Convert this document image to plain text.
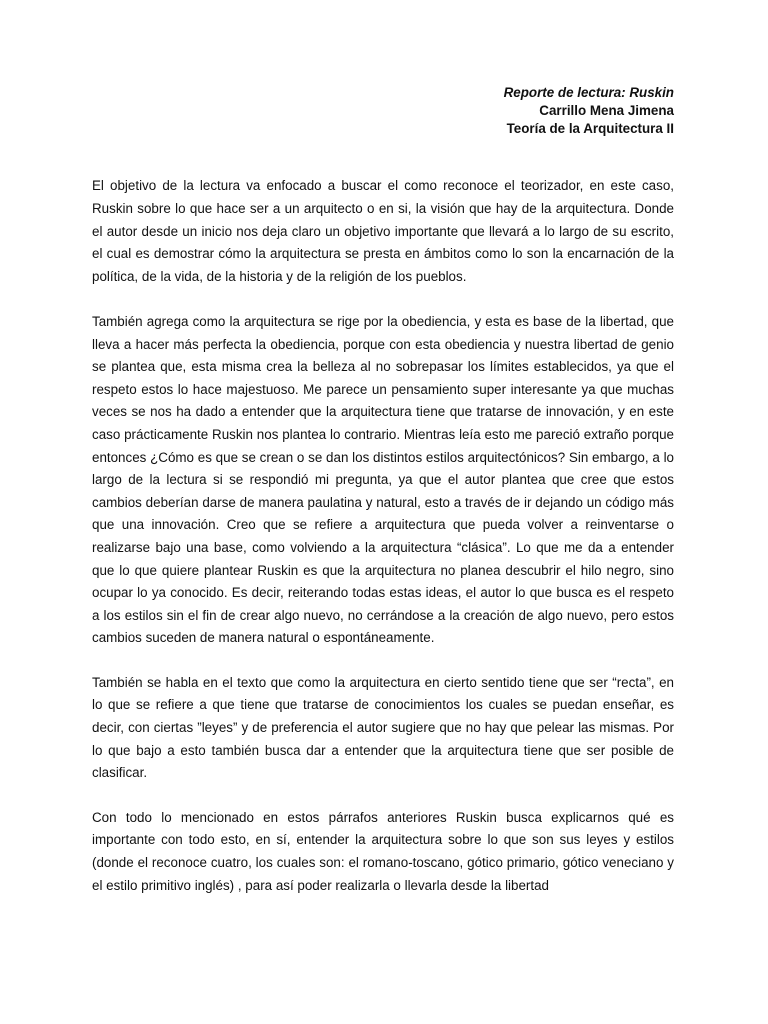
Reporte de lectura: Ruskin
Carrillo Mena Jimena
Teoría de la Arquitectura II

El objetivo de la lectura va enfocado a buscar el como reconoce el teorizador, en este caso, Ruskin sobre lo que hace ser a un arquitecto o en si, la visión que hay de la arquitectura. Donde el autor desde un inicio nos deja claro un objetivo importante que llevará a lo largo de su escrito, el cual es demostrar cómo la arquitectura se presta en ámbitos como lo son la encarnación de la política, de la vida, de la historia y de la religión de los pueblos.

También agrega como la arquitectura se rige por la obediencia, y esta es base de la libertad, que lleva a hacer más perfecta la obediencia, porque con esta obediencia y nuestra libertad de genio se plantea que, esta misma crea la belleza al no sobrepasar los límites establecidos, ya que el respeto estos lo hace majestuoso. Me parece un pensamiento super interesante ya que muchas veces se nos ha dado a entender que la arquitectura tiene que tratarse de innovación, y en este caso prácticamente Ruskin nos plantea lo contrario. Mientras leía esto me pareció extraño porque entonces ¿Cómo es que se crean o se dan los distintos estilos arquitectónicos? Sin embargo, a lo largo de la lectura si se respondió mi pregunta, ya que el autor plantea que cree que estos cambios deberían darse de manera paulatina y natural, esto a través de ir dejando un código más que una innovación. Creo que se refiere a arquitectura que pueda volver a reinventarse o realizarse bajo una base, como volviendo a la arquitectura “clásica”. Lo que me da a entender que lo que quiere plantear Ruskin es que la arquitectura no planea descubrir el hilo negro, sino ocupar lo ya conocido. Es decir, reiterando todas estas ideas, el autor lo que busca es el respeto a los estilos sin el fin de crear algo nuevo, no cerrándose a la creación de algo nuevo, pero estos cambios suceden de manera natural o espontáneamente.

También se habla en el texto que como la arquitectura en cierto sentido tiene que ser “recta”, en lo que se refiere a que tiene que tratarse de conocimientos los cuales se puedan enseñar, es decir, con ciertas ”leyes” y de preferencia el autor sugiere que no hay que pelear las mismas. Por lo que bajo a esto también busca dar a entender que la arquitectura tiene que ser posible de clasificar.

Con todo lo mencionado en estos párrafos anteriores Ruskin busca explicarnos qué es importante con todo esto, en sí, entender la arquitectura sobre lo que son sus leyes y estilos (donde el reconoce cuatro, los cuales son: el romano-toscano, gótico primario, gótico veneciano y el estilo primitivo inglés) , para así poder realizarla o llevarla desde la libertad
